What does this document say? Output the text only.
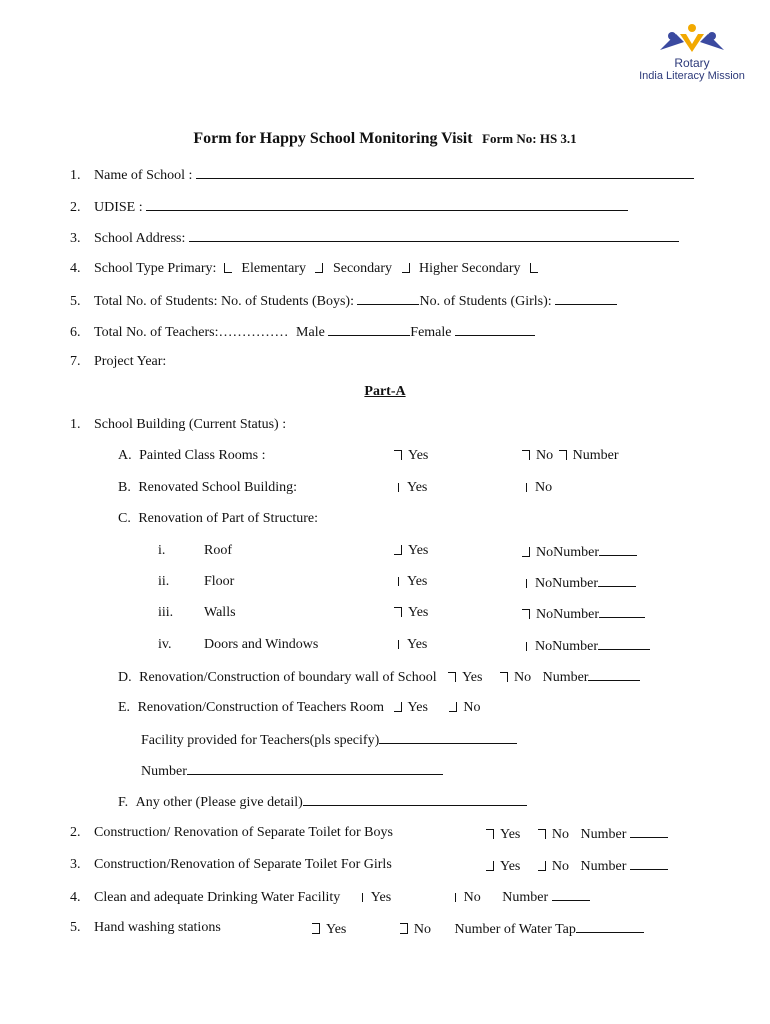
Rotary
India Literacy Mission
Form for Happy School Monitoring Visit Form No: HS 3.1
1. Name of School :
2. UDISE :
3. School Address:
4. School Type Primary: Elementary Secondary Higher Secondary
5. Total No. of Students: No. of Students (Boys):	No. of Students (Girls):
6. Total No. of Teachers:…………… Male	Female
7. Project Year:
Part-A
1. School Building (Current Status) :
A. Painted Class Rooms :	Yes	No Number
B. Renovated School Building:	Yes	No
C. Renovation of Part of Structure:
i.	Roof	Yes	NoNumber
ii. Floor	Yes	NoNumber
iii. Walls	Yes	NoNumber
iv. Doors and Windows	Yes	NoNumber
D. Renovation/Construction of boundary wall of School Yes No Number
E. Renovation/Construction of Teachers Room Yes	No
Facility provided for Teachers(pls specify)
Number
F. Any other (Please give detail)
2. Construction/ Renovation of Separate Toilet for Boys	Yes No Number
3. Construction/Renovation of Separate Toilet For Girls	Yes No Number
4. Clean and adequate Drinking Water Facility Yes	No Number
5. Hand washing stations	Yes	No Number of Water Tap
